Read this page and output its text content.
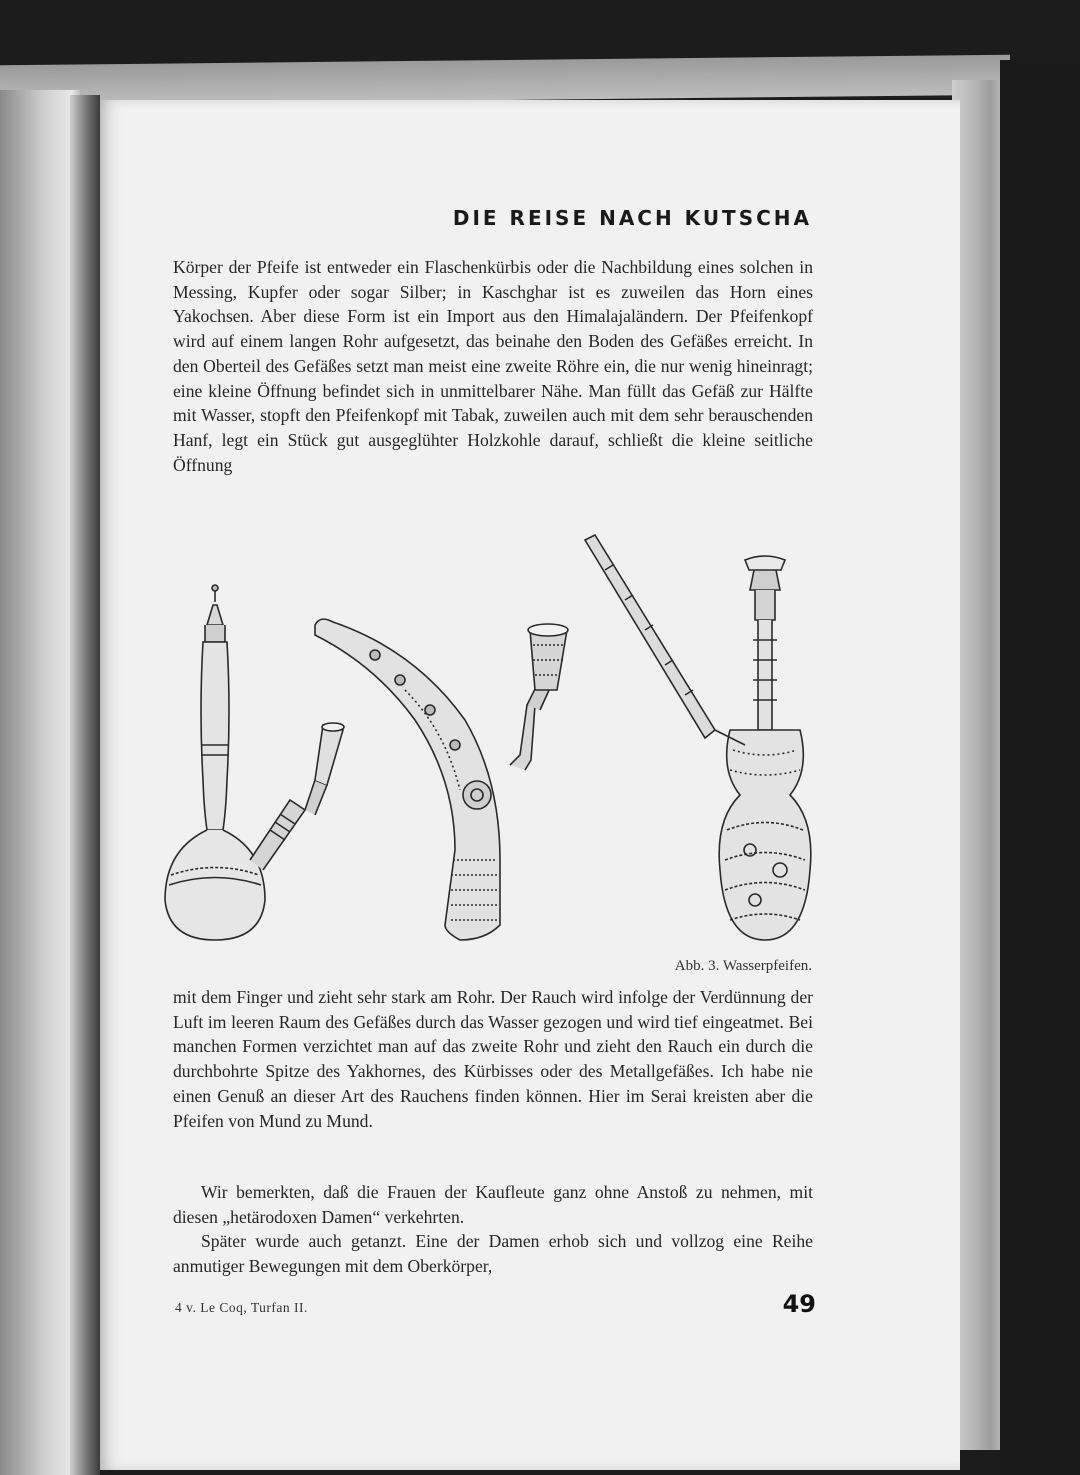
DIE REISE NACH KUTSCHA
Körper der Pfeife ist entweder ein Flaschenkürbis oder die Nachbildung eines solchen in Messing, Kupfer oder sogar Silber; in Kaschghar ist es zuweilen das Horn eines Yakochsen. Aber diese Form ist ein Import aus den Himalajaländern. Der Pfeifenkopf wird auf einem langen Rohr aufgesetzt, das beinahe den Boden des Gefäßes erreicht. In den Oberteil des Gefäßes setzt man meist eine zweite Röhre ein, die nur wenig hineinragt; eine kleine Öffnung befindet sich in unmittelbarer Nähe. Man füllt das Gefäß zur Hälfte mit Wasser, stopft den Pfeifenkopf mit Tabak, zuweilen auch mit dem sehr berauschenden Hanf, legt ein Stück gut ausgeglühter Holzkohle darauf, schließt die kleine seitliche Öffnung
Abb. 3. Wasserpfeifen.
mit dem Finger und zieht sehr stark am Rohr. Der Rauch wird infolge der Verdünnung der Luft im leeren Raum des Gefäßes durch das Wasser gezogen und wird tief eingeatmet. Bei manchen Formen verzichtet man auf das zweite Rohr und zieht den Rauch ein durch die durchbohrte Spitze des Yakhornes, des Kürbisses oder des Metallgefäßes. Ich habe nie einen Genuß an dieser Art des Rauchens finden können. Hier im Serai kreisten aber die Pfeifen von Mund zu Mund.
Wir bemerkten, daß die Frauen der Kaufleute ganz ohne Anstoß zu nehmen, mit diesen „hetärodoxen Damen“ verkehrten.
Später wurde auch getanzt. Eine der Damen erhob sich und vollzog eine Reihe anmutiger Bewegungen mit dem Oberkörper,
4 v. Le Coq, Turfan II.	49
